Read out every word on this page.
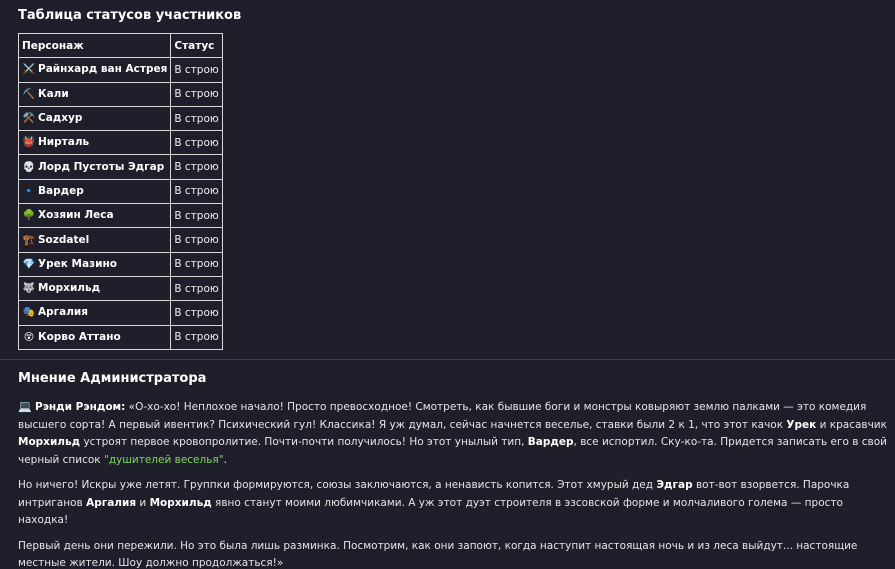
Таблица статусов участников
Персонаж	Статус
⚔️ Райнхард ван Астрея	В строю
⛏️ Кали	В строю
⚒️ Садхур	В строю
👹 Нирталь	В строю
💀 Лорд Пустоты Эдгар	В строю
🔹 Вардер	В строю
🌳 Хозяин Леса	В строю
🏗️ Sozdatel	В строю
💎 Урек Мазино	В строю
🐺 Морхильд	В строю
🎭 Аргалия	В строю
😵 Корво Аттано	В строю
Мнение Администратора

💻 Рэнди Рэндом: «О-хо-хо! Неплохое начало! Просто превосходное! Смотреть, как бывшие боги и монстры ковыряют землю палками — это комедия высшего сорта! А первый ивентик? Психический гул! Классика! Я уж думал, сейчас начнется веселье, ставки были 2 к 1, что этот качок Урек и красавчик Морхильд устроят первое кровопролитие. Почти-почти получилось! Но этот унылый тип, Вардер, все испортил. Ску-ко-та. Придется записать его в свой черный список "душителей веселья".

Но ничего! Искры уже летят. Группки формируются, союзы заключаются, а ненависть копится. Этот хмурый дед Эдгар вот-вот взорвется. Парочка интриганов Аргалия и Морхильд явно станут моими любимчиками. А уж этот дуэт строителя в эзсовской форме и молчаливого голема — просто находка!

Первый день они пережили. Но это была лишь разминка. Посмотрим, как они запоют, когда наступит настоящая ночь и из леса выйдут... настоящие местные жители. Шоу должно продолжаться!»
